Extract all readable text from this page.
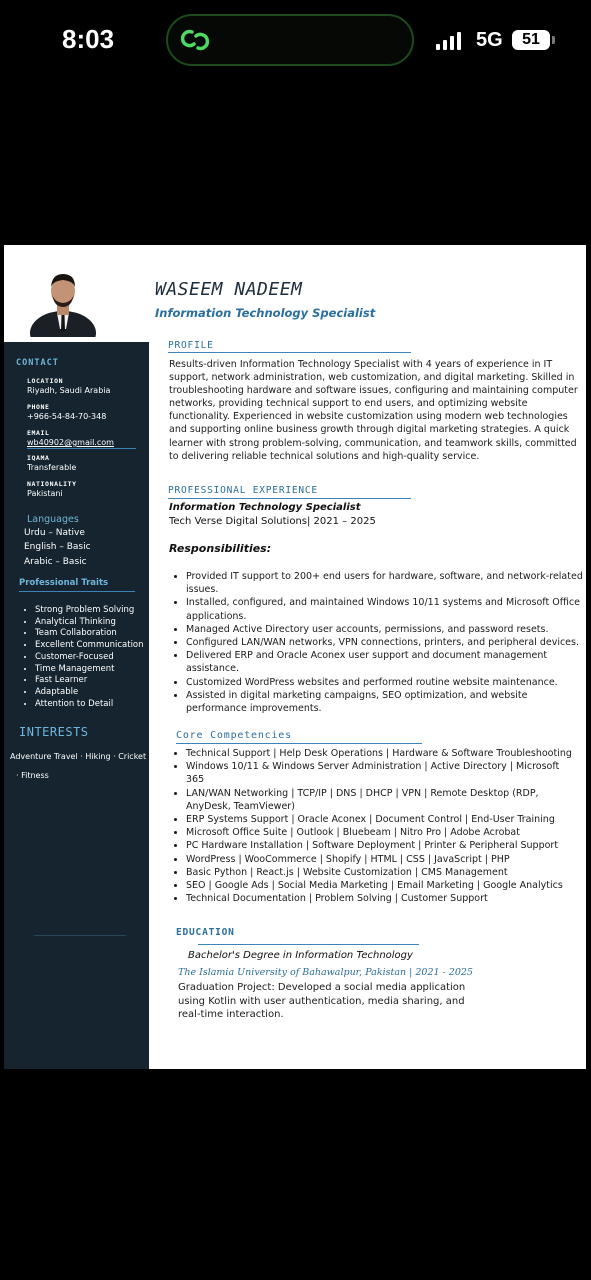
8:03	5G	51
WASEEM NADEEM
Information Technology Specialist
PROFILE
Results-driven Information Technology Specialist with 4 years of experience in IT support, network administration, web customization, and digital marketing. Skilled in troubleshooting hardware and software issues, configuring and maintaining computer networks, providing technical support to end users, and optimizing website functionality. Experienced in website customization using modern web technologies and supporting online business growth through digital marketing strategies. A quick learner with strong problem-solving, communication, and teamwork skills, committed to delivering reliable technical solutions and high-quality service.
PROFESSIONAL EXPERIENCE
Information Technology Specialist
Tech Verse Digital Solutions| 2021 – 2025
Responsibilities:
• Provided IT support to 200+ end users for hardware, software, and network-related issues.
• Installed, configured, and maintained Windows 10/11 systems and Microsoft Office applications.
• Managed Active Directory user accounts, permissions, and password resets.
• Configured LAN/WAN networks, VPN connections, printers, and peripheral devices.
• Delivered ERP and Oracle Aconex user support and document management assistance.
• Customized WordPress websites and performed routine website maintenance.
• Assisted in digital marketing campaigns, SEO optimization, and website performance improvements.
Core Competencies
• Technical Support | Help Desk Operations | Hardware & Software Troubleshooting
• Windows 10/11 & Windows Server Administration | Active Directory | Microsoft 365
• LAN/WAN Networking | TCP/IP | DNS | DHCP | VPN | Remote Desktop (RDP, AnyDesk, TeamViewer)
• ERP Systems Support | Oracle Aconex | Document Control | End-User Training
• Microsoft Office Suite | Outlook | Bluebeam | Nitro Pro | Adobe Acrobat
• PC Hardware Installation | Software Deployment | Printer & Peripheral Support
• WordPress | WooCommerce | Shopify | HTML | CSS | JavaScript | PHP
• Basic Python | React.js | Website Customization | CMS Management
• SEO | Google Ads | Social Media Marketing | Email Marketing | Google Analytics
• Technical Documentation | Problem Solving | Customer Support
EDUCATION
Bachelor's Degree in Information Technology
The Islamia University of Bahawalpur, Pakistan | 2021 - 2025
Graduation Project: Developed a social media application using Kotlin with user authentication, media sharing, and real-time interaction.
CONTACT
LOCATION
Riyadh, Saudi Arabia
PHONE
+966-54-84-70-348
EMAIL
wb40902@gmail.com
IQAMA
Transferable
NATIONALITY
Pakistani
Languages
Urdu – Native
English – Basic
Arabic – Basic
Professional Traits
• Strong Problem Solving
• Analytical Thinking
• Team Collaboration
• Excellent Communication
• Customer-Focused
• Time Management
• Fast Learner
• Adaptable
• Attention to Detail
INTERESTS
Adventure Travel · Hiking · Cricket
· Fitness
